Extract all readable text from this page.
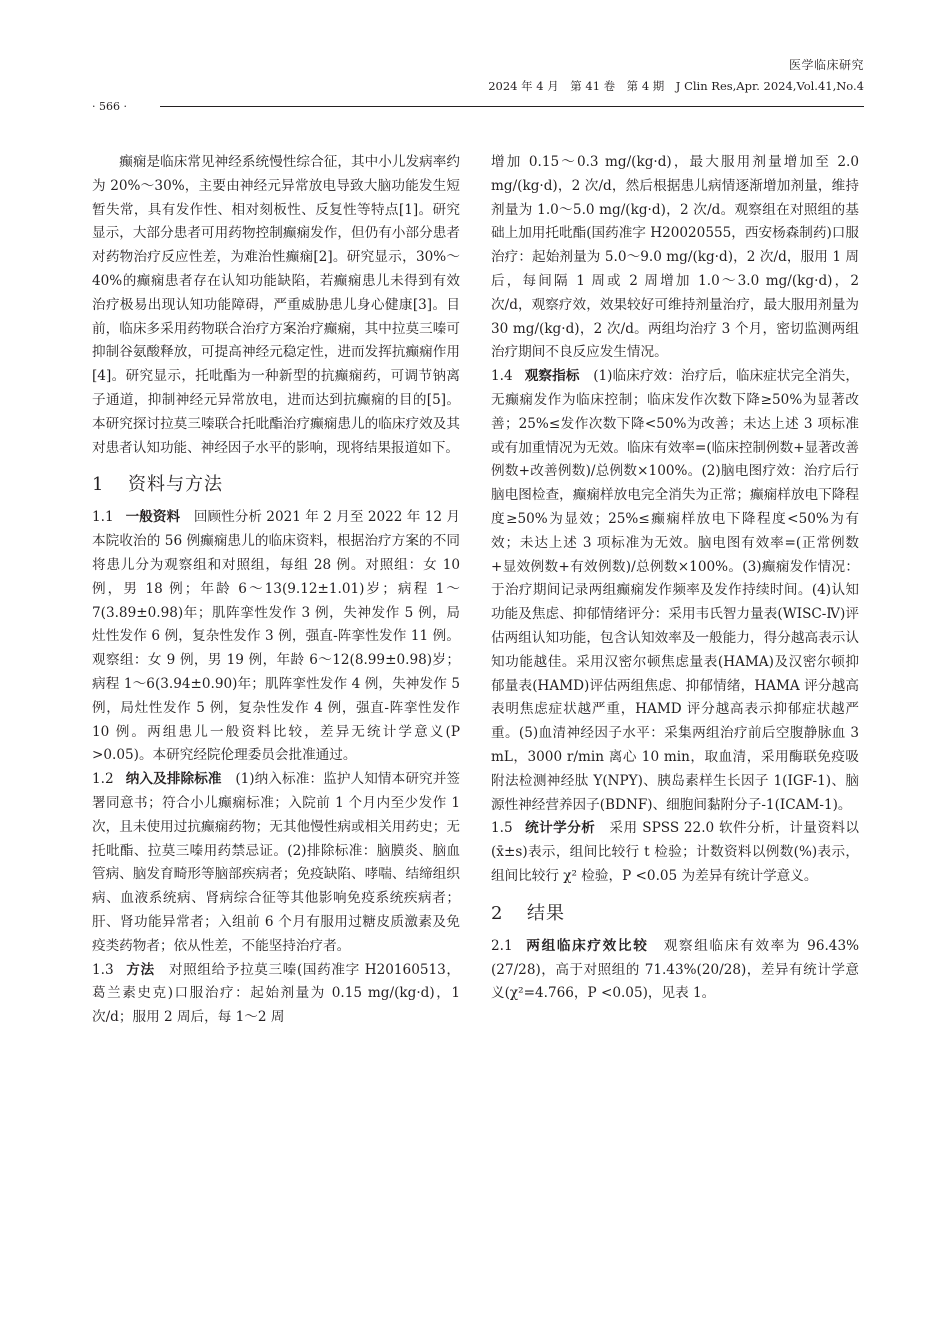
医学临床研究
2024 年 4 月　第 41 卷　第 4 期　J Clin Res,Apr. 2024,Vol.41,No.4
· 566 ·

癫痫是临床常见神经系统慢性综合征，其中小儿发病率约为 20%～30%，主要由神经元异常放电导致大脑功能发生短暂失常，具有发作性、相对刻板性、反复性等特点[1]。研究显示，大部分患者可用药物控制癫痫发作，但仍有小部分患者对药物治疗反应性差，为难治性癫痫[2]。研究显示，30%～40%的癫痫患者存在认知功能缺陷，若癫痫患儿未得到有效治疗极易出现认知功能障碍，严重威胁患儿身心健康[3]。目前，临床多采用药物联合治疗方案治疗癫痫，其中拉莫三嗪可抑制谷氨酸释放，可提高神经元稳定性，进而发挥抗癫痫作用[4]。研究显示，托吡酯为一种新型的抗癫痫药，可调节钠离子通道，抑制神经元异常放电，进而达到抗癫痫的目的[5]。本研究探讨拉莫三嗪联合托吡酯治疗癫痫患儿的临床疗效及其对患者认知功能、神经因子水平的影响，现将结果报道如下。

1 资料与方法

1.1 一般资料　 回顾性分析 2021 年 2 月至 2022 年 12 月本院收治的 56 例癫痫患儿的临床资料，根据治疗方案的不同将患儿分为观察组和对照组，每组 28 例。对照组：女 10 例，男 18 例；年龄 6～13(9.12±1.01)岁；病程 1～7(3.89±0.98)年；肌阵挛性发作 3 例，失神发作 5 例，局灶性发作 6 例，复杂性发作 3 例，强直-阵挛性发作 11 例。观察组：女 9 例，男 19 例，年龄 6～12(8.99±0.98)岁；病程 1～6(3.94±0.90)年；肌阵挛性发作 4 例，失神发作 5 例，局灶性发作 5 例，复杂性发作 4 例，强直-阵挛性发作 10 例。两组患儿一般资料比较，差异无统计学意义(P >0.05)。本研究经院伦理委员会批准通过。

1.2 纳入及排除标准　 (1)纳入标准：监护人知情本研究并签署同意书；符合小儿癫痫标准；入院前 1 个月内至少发作 1 次，且未使用过抗癫痫药物；无其他慢性病或相关用药史；无托吡酯、拉莫三嗪用药禁忌证。(2)排除标准：脑膜炎、脑血管病、脑发育畸形等脑部疾病者；免疫缺陷、哮喘、结缔组织病、血液系统病、肾病综合征等其他影响免疫系统疾病者；肝、肾功能异常者；入组前 6 个月有服用过糖皮质激素及免疫类药物者；依从性差，不能坚持治疗者。

1.3 方法　 对照组给予拉莫三嗪(国药准字 H20160513，葛兰素史克)口服治疗：起始剂量为 0.15 mg/(kg·d)，1 次/d；服用 2 周后，每 1～2 周

增加 0.15～0.3 mg/(kg·d)，最大服用剂量增加至 2.0 mg/(kg·d)，2 次/d，然后根据患儿病情逐渐增加剂量，维持剂量为 1.0～5.0 mg/(kg·d)，2 次/d。观察组在对照组的基础上加用托吡酯(国药准字 H20020555，西安杨森制药)口服治疗：起始剂量为 5.0～9.0 mg/(kg·d)，2 次/d，服用 1 周后，每间隔 1 周或 2 周增加 1.0～3.0 mg/(kg·d)，2 次/d，观察疗效，效果较好可维持剂量治疗，最大服用剂量为 30 mg/(kg·d)，2 次/d。两组均治疗 3 个月，密切监测两组治疗期间不良反应发生情况。

1.4 观察指标　 (1)临床疗效：治疗后，临床症状完全消失，无癫痫发作为临床控制；临床发作次数下降≥50%为显著改善；25%≤发作次数下降<50%为改善；未达上述 3 项标准或有加重情况为无效。临床有效率=(临床控制例数+显著改善例数+改善例数)/总例数×100%。(2)脑电图疗效：治疗后行脑电图检查，癫痫样放电完全消失为正常；癫痫样放电下降程度≥50%为显效；25%≤癫痫样放电下降程度<50%为有效；未达上述 3 项标准为无效。脑电图有效率=(正常例数+显效例数+有效例数)/总例数×100%。(3)癫痫发作情况：于治疗期间记录两组癫痫发作频率及发作持续时间。(4)认知功能及焦虑、抑郁情绪评分：采用韦氏智力量表(WISC-Ⅳ)评估两组认知功能，包含认知效率及一般能力，得分越高表示认知功能越佳。采用汉密尔顿焦虑量表(HAMA)及汉密尔顿抑郁量表(HAMD)评估两组焦虑、抑郁情绪，HAMA 评分越高表明焦虑症状越严重，HAMD 评分越高表示抑郁症状越严重。(5)血清神经因子水平：采集两组治疗前后空腹静脉血 3 mL，3000 r/min 离心 10 min，取血清，采用酶联免疫吸附法检测神经肽 Y(NPY)、胰岛素样生长因子 1(IGF-1)、脑源性神经营养因子(BDNF)、细胞间黏附分子-1(ICAM-1)。

1.5 统计学分析　 采用 SPSS 22.0 软件分析，计量资料以(x̄±s)表示，组间比较行 t 检验；计数资料以例数(%)表示，组间比较行 χ² 检验，P <0.05 为差异有统计学意义。

2 结果

2.1 两组临床疗效比较　 观察组临床有效率为 96.43%(27/28)，高于对照组的 71.43%(20/28)，差异有统计学意义(χ²=4.766，P <0.05)，见表 1。
